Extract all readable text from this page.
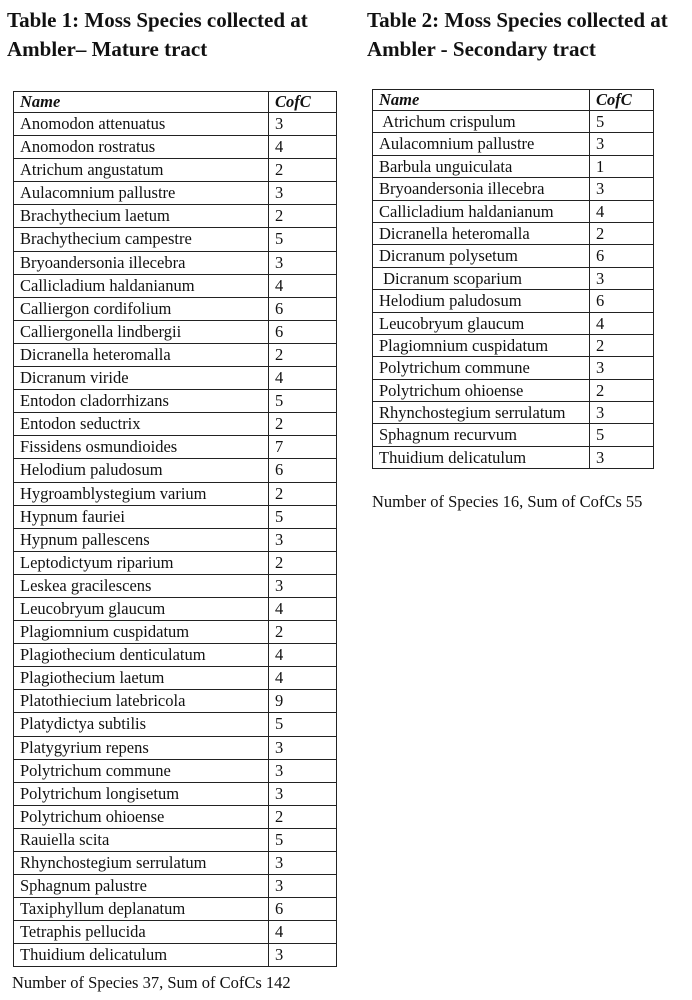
Table 1: Moss Species collected at
Ambler– Mature tract
Table 2: Moss Species collected at
Ambler - Secondary tract
Name	CofC
Anomodon attenuatus	3
Anomodon rostratus	4
Atrichum angustatum	2
Aulacomnium pallustre	3
Brachythecium laetum	2
Brachythecium campestre	5
Bryoandersonia illecebra	3
Callicladium haldanianum	4
Calliergon cordifolium	6
Calliergonella lindbergii	6
Dicranella heteromalla	2
Dicranum viride	4
Entodon cladorrhizans	5
Entodon seductrix	2
Fissidens osmundioides	7
Helodium paludosum	6
Hygroamblystegium varium	2
Hypnum fauriei	5
Hypnum pallescens	3
Leptodictyum riparium	2
Leskea gracilescens	3
Leucobryum glaucum	4
Plagiomnium cuspidatum	2
Plagiothecium denticulatum	4
Plagiothecium laetum	4
Platothiecium latebricola	9
Platydictya subtilis	5
Platygyrium repens	3
Polytrichum commune	3
Polytrichum longisetum	3
Polytrichum ohioense	2
Rauiella scita	5
Rhynchostegium serrulatum	3
Sphagnum palustre	3
Taxiphyllum deplanatum	6
Tetraphis pellucida	4
Thuidium delicatulum	3
Number of Species 37, Sum of CofCs 142
Name	CofC
Atrichum crispulum	5
Aulacomnium pallustre	3
Barbula unguiculata	1
Bryoandersonia illecebra	3
Callicladium haldanianum	4
Dicranella heteromalla	2
Dicranum polysetum	6
Dicranum scoparium	3
Helodium paludosum	6
Leucobryum glaucum	4
Plagiomnium cuspidatum	2
Polytrichum commune	3
Polytrichum ohioense	2
Rhynchostegium serrulatum	3
Sphagnum recurvum	5
Thuidium delicatulum	3
Number of Species 16, Sum of CofCs 55
